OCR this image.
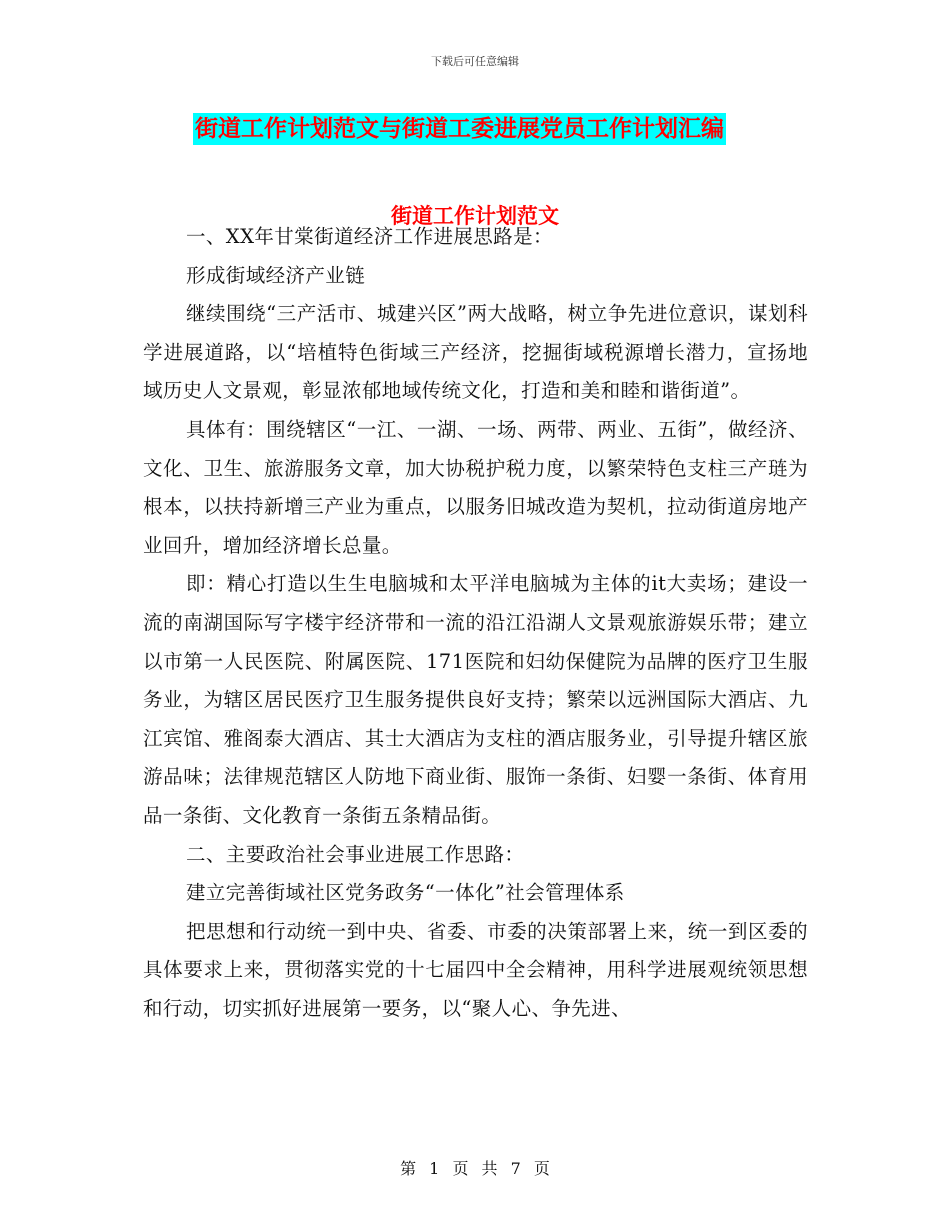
下载后可任意编辑
街道工作计划范文与街道工委进展党员工作计划汇编
街道工作计划范文

一、XX年甘棠街道经济工作进展思路是：

形成街域经济产业链

继续围绕“三产活市、城建兴区”两大战略，树立争先进位意识，谋划科学进展道路，以“培植特色街域三产经济，挖掘街域税源增长潜力，宣扬地域历史人文景观，彰显浓郁地域传统文化，打造和美和睦和谐街道”。

具体有：围绕辖区“一江、一湖、一场、两带、两业、五街”，做经济、文化、卫生、旅游服务文章，加大协税护税力度，以繁荣特色支柱三产琏为根本，以扶持新增三产业为重点，以服务旧城改造为契机，拉动街道房地产业回升，增加经济增长总量。

即：精心打造以生生电脑城和太平洋电脑城为主体的it大卖场；建设一流的南湖国际写字楼宇经济带和一流的沿江沿湖人文景观旅游娱乐带；建立以市第一人民医院、附属医院、171医院和妇幼保健院为品牌的医疗卫生服务业，为辖区居民医疗卫生服务提供良好支持；繁荣以远洲国际大酒店、九江宾馆、雅阁泰大酒店、其士大酒店为支柱的酒店服务业，引导提升辖区旅游品味；法律规范辖区人防地下商业街、服饰一条街、妇婴一条街、体育用品一条街、文化教育一条街五条精品街。

二、主要政治社会事业进展工作思路：

建立完善街域社区党务政务“一体化”社会管理体系

把思想和行动统一到中央、省委、市委的决策部署上来，统一到区委的具体要求上来，贯彻落实党的十七届四中全会精神，用科学进展观统领思想和行动，切实抓好进展第一要务，以“聚人心、争先进、

第 1 页 共 7 页
